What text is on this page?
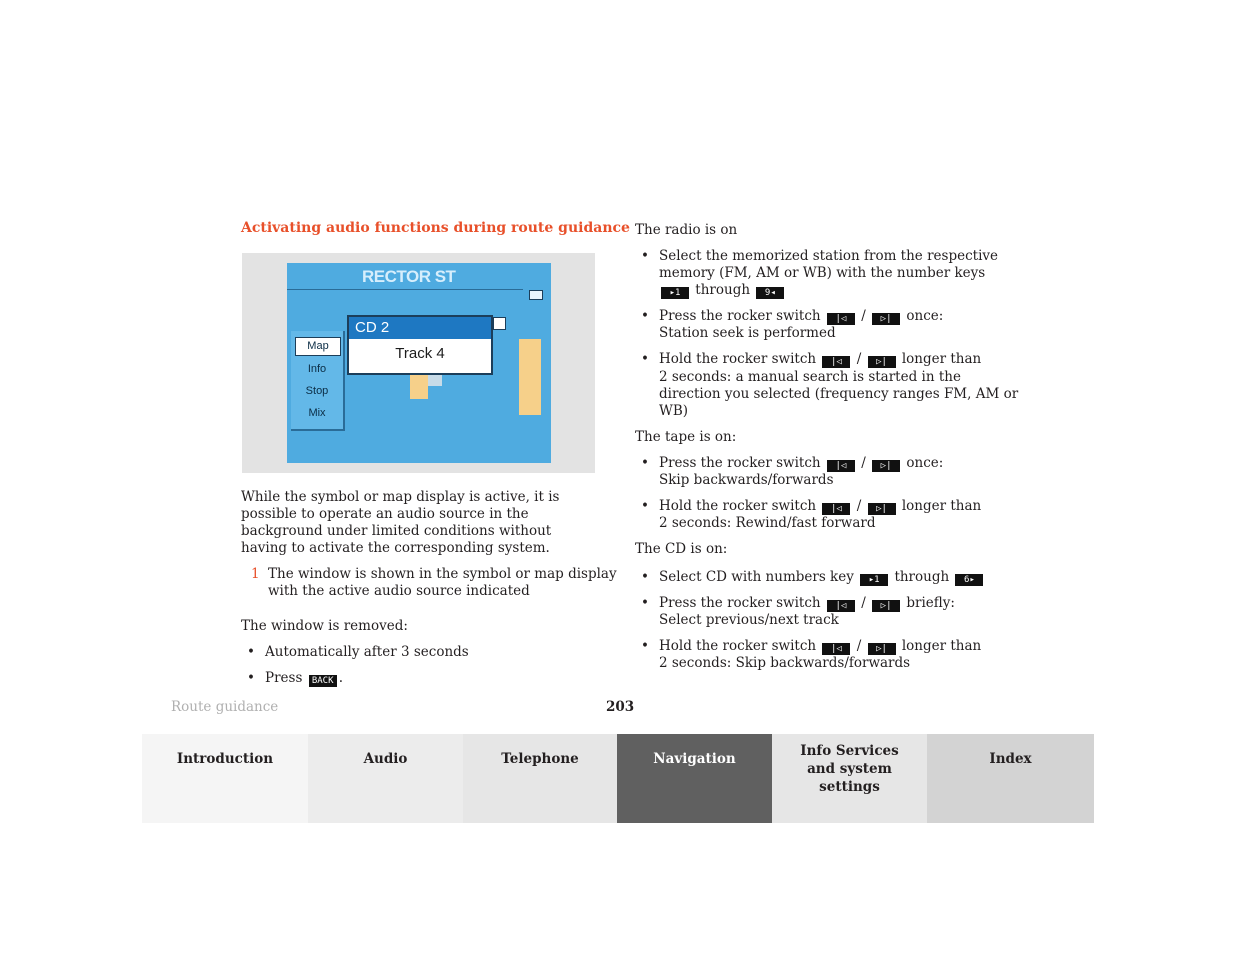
Activating audio functions during route guidance
RECTOR ST
Map
Info
Stop
Mix
CD 2
Track 4
While the symbol or map display is active, it is possible to operate an audio source in the background under limited conditions without having to activate the corresponding system.
1 The window is shown in the symbol or map display
with the active audio source indicated
The window is removed:
• Automatically after 3 seconds
• Press BACK .
The radio is on
• Select the memorized station from the respective
memory (FM, AM or WB) with the number keys
▸1 through 9◂
• Press the rocker switch |◁ / ▷| once:
Station seek is performed
• Hold the rocker switch |◁ / ▷| longer than
2 seconds: a manual search is started in the
direction you selected (frequency ranges FM, AM or
WB)
The tape is on:
• Press the rocker switch |◁ / ▷| once:
Skip backwards/forwards
• Hold the rocker switch |◁ / ▷| longer than
2 seconds: Rewind/fast forward
The CD is on:
• Select CD with numbers key ▸1 through 6▸
• Press the rocker switch |◁ / ▷| briefly:
Select previous/next track
• Hold the rocker switch |◁ / ▷| longer than
2 seconds: Skip backwards/forwards
Route guidance	203
Introduction	Audio	Telephone	Navigation	Info Services and system settings
Index
